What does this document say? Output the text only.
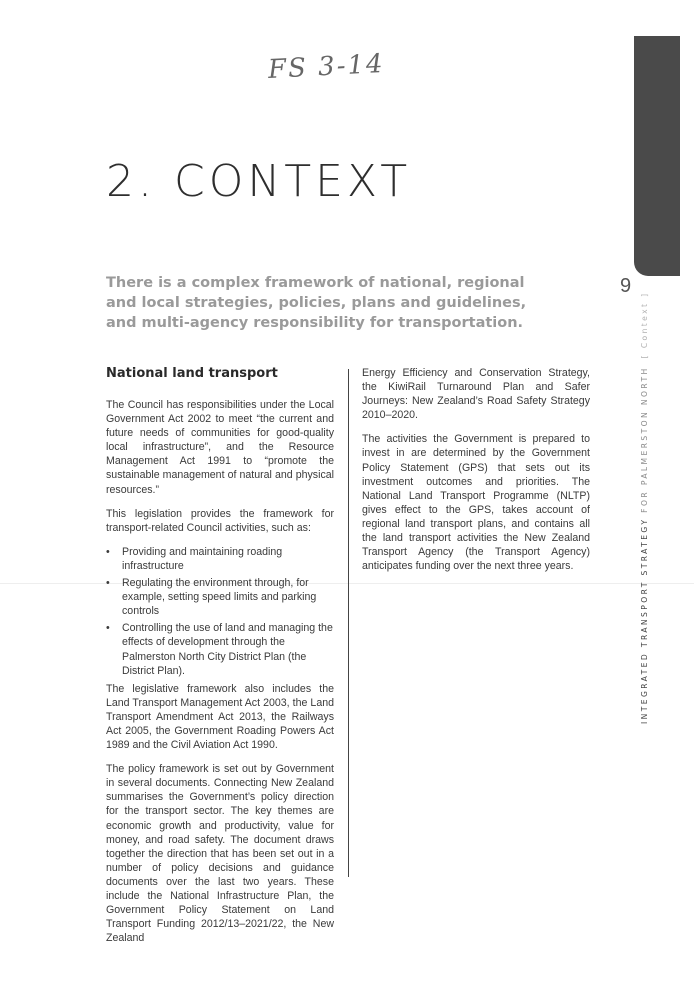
FS 3-14
2. CONTEXT

There is a complex framework of national, regional and local strategies, policies, plans and guidelines, and multi-agency responsibility for transportation.

9
INTEGRATED TRANSPORT STRATEGY FOR PALMERSTON NORTH[ Context ]
National land transport

The Council has responsibilities under the Local Government Act 2002 to meet “the current and future needs of communities for good-quality local infrastructure”, and the Resource Management Act 1991 to “promote the sustainable management of natural and physical resources.”

This legislation provides the framework for transport-related Council activities, such as:

• Providing and maintaining roading infrastructure
• Regulating the environment through, for example, setting speed limits and parking controls
• Controlling the use of land and managing the effects of development through the Palmerston North City District Plan (the District Plan).

The legislative framework also includes the Land Transport Management Act 2003, the Land Transport Amendment Act 2013, the Railways Act 2005, the Government Roading Powers Act 1989 and the Civil Aviation Act 1990.

The policy framework is set out by Government in several documents. Connecting New Zealand summarises the Government’s policy direction for the transport sector. The key themes are economic growth and productivity, value for money, and road safety. The document draws together the direction that has been set out in a number of policy decisions and guidance documents over the last two years. These include the National Infrastructure Plan, the Government Policy Statement on Land Transport Funding 2012/13–2021/22, the New Zealand

Energy Efficiency and Conservation Strategy, the KiwiRail Turnaround Plan and Safer Journeys: New Zealand’s Road Safety Strategy 2010–2020.

The activities the Government is prepared to invest in are determined by the Government Policy Statement (GPS) that sets out its investment outcomes and priorities. The National Land Transport Programme (NLTP) gives effect to the GPS, takes account of regional land transport plans, and contains all the land transport activities the New Zealand Transport Agency (the Transport Agency) anticipates funding over the next three years.
